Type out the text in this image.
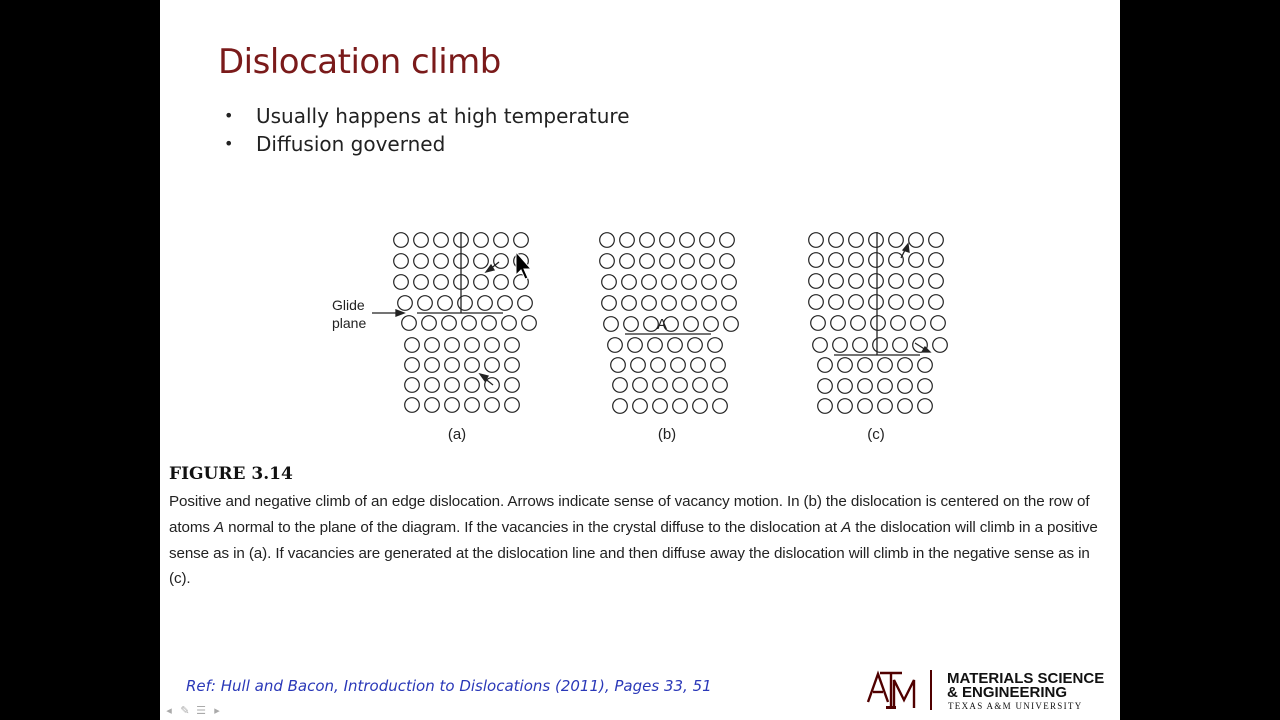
Dislocation climb
•	Usually happens at high temperature
•	Diffusion governed
Glide
plane	A
(a)	(b)	(c)
FIGURE 3.14

Positive and negative climb of an edge dislocation. Arrows indicate sense of vacancy motion. In (b) the dislocation is centered on the row of atoms A normal to the plane of the diagram. If the vacancies in the crystal diffuse to the dislocation at A the dislocation will climb in a positive sense as in (a). If vacancies are generated at the dislocation line and then diffuse away the dislocation will climb in the negative sense as in (c).

Ref: Hull and Bacon, Introduction to Dislocations (2011), Pages 33, 51	MATERIALS SCIENCE
& ENGINEERING
TEXAS A&M UNIVERSITY
◂ ✎ ☰ ▸
